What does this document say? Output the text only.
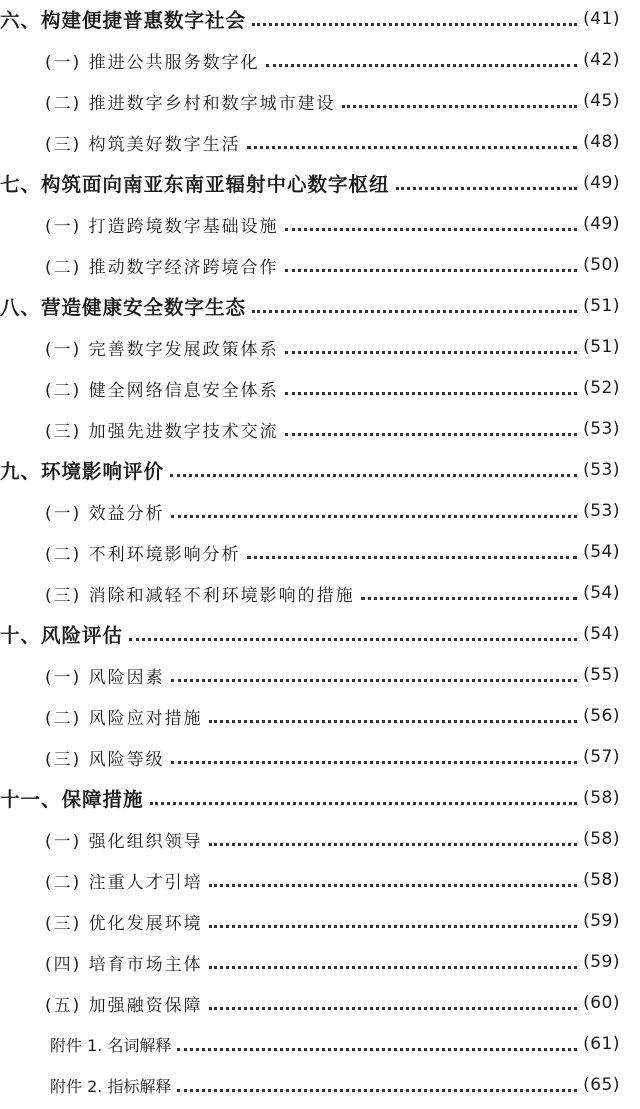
六、构建便捷普惠数字社会	(41)
(一) 推进公共服务数字化	(42)
(二) 推进数字乡村和数字城市建设	(45)
(三) 构筑美好数字生活	(48)
七、构筑面向南亚东南亚辐射中心数字枢纽	(49)
(一) 打造跨境数字基础设施	(49)
(二) 推动数字经济跨境合作	(50)
八、营造健康安全数字生态	(51)
(一) 完善数字发展政策体系	(51)
(二) 健全网络信息安全体系	(52)
(三) 加强先进数字技术交流	(53)
九、环境影响评价	(53)
(一) 效益分析	(53)
(二) 不利环境影响分析	(54)
(三) 消除和减轻不利环境影响的措施	(54)
十、风险评估	(54)
(一) 风险因素	(55)
(二) 风险应对措施	(56)
(三) 风险等级	(57)
十一、保障措施	(58)
(一) 强化组织领导	(58)
(二) 注重人才引培	(58)
(三) 优化发展环境	(59)
(四) 培育市场主体	(59)
(五) 加强融资保障	(60)
附件 1. 名词解释	(61)
附件 2. 指标解释	(65)
